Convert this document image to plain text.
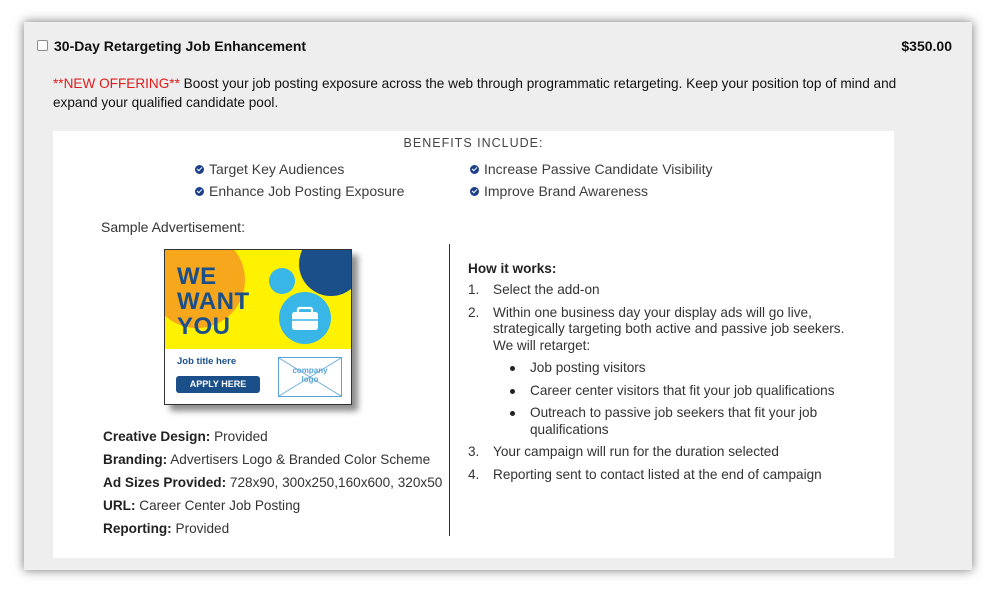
30-Day Retargeting Job Enhancement	$350.00
**NEW OFFERING** Boost your job posting exposure across the web through programmatic retargeting. Keep your position top of mind and expand your qualified candidate pool.
BENEFITS INCLUDE:
Target Key Audiences	Increase Passive Candidate Visibility
Enhance Job Posting Exposure	Improve Brand Awareness
Sample Advertisement:
WE
WANT
YOU
Job title here
APPLY HERE
company
logo
Creative Design: Provided
Branding: Advertisers Logo & Branded Color Scheme
Ad Sizes Provided: 728x90, 300x250,160x600, 320x50
URL: Career Center Job Posting
Reporting: Provided
How it works:
1. Select the add-on
2. Within one business day your display ads will go live, strategically targeting both active and passive job seekers. We will retarget:
Job posting visitors
Career center visitors that fit your job qualifications
Outreach to passive job seekers that fit your job qualifications
3. Your campaign will run for the duration selected
4. Reporting sent to contact listed at the end of campaign
